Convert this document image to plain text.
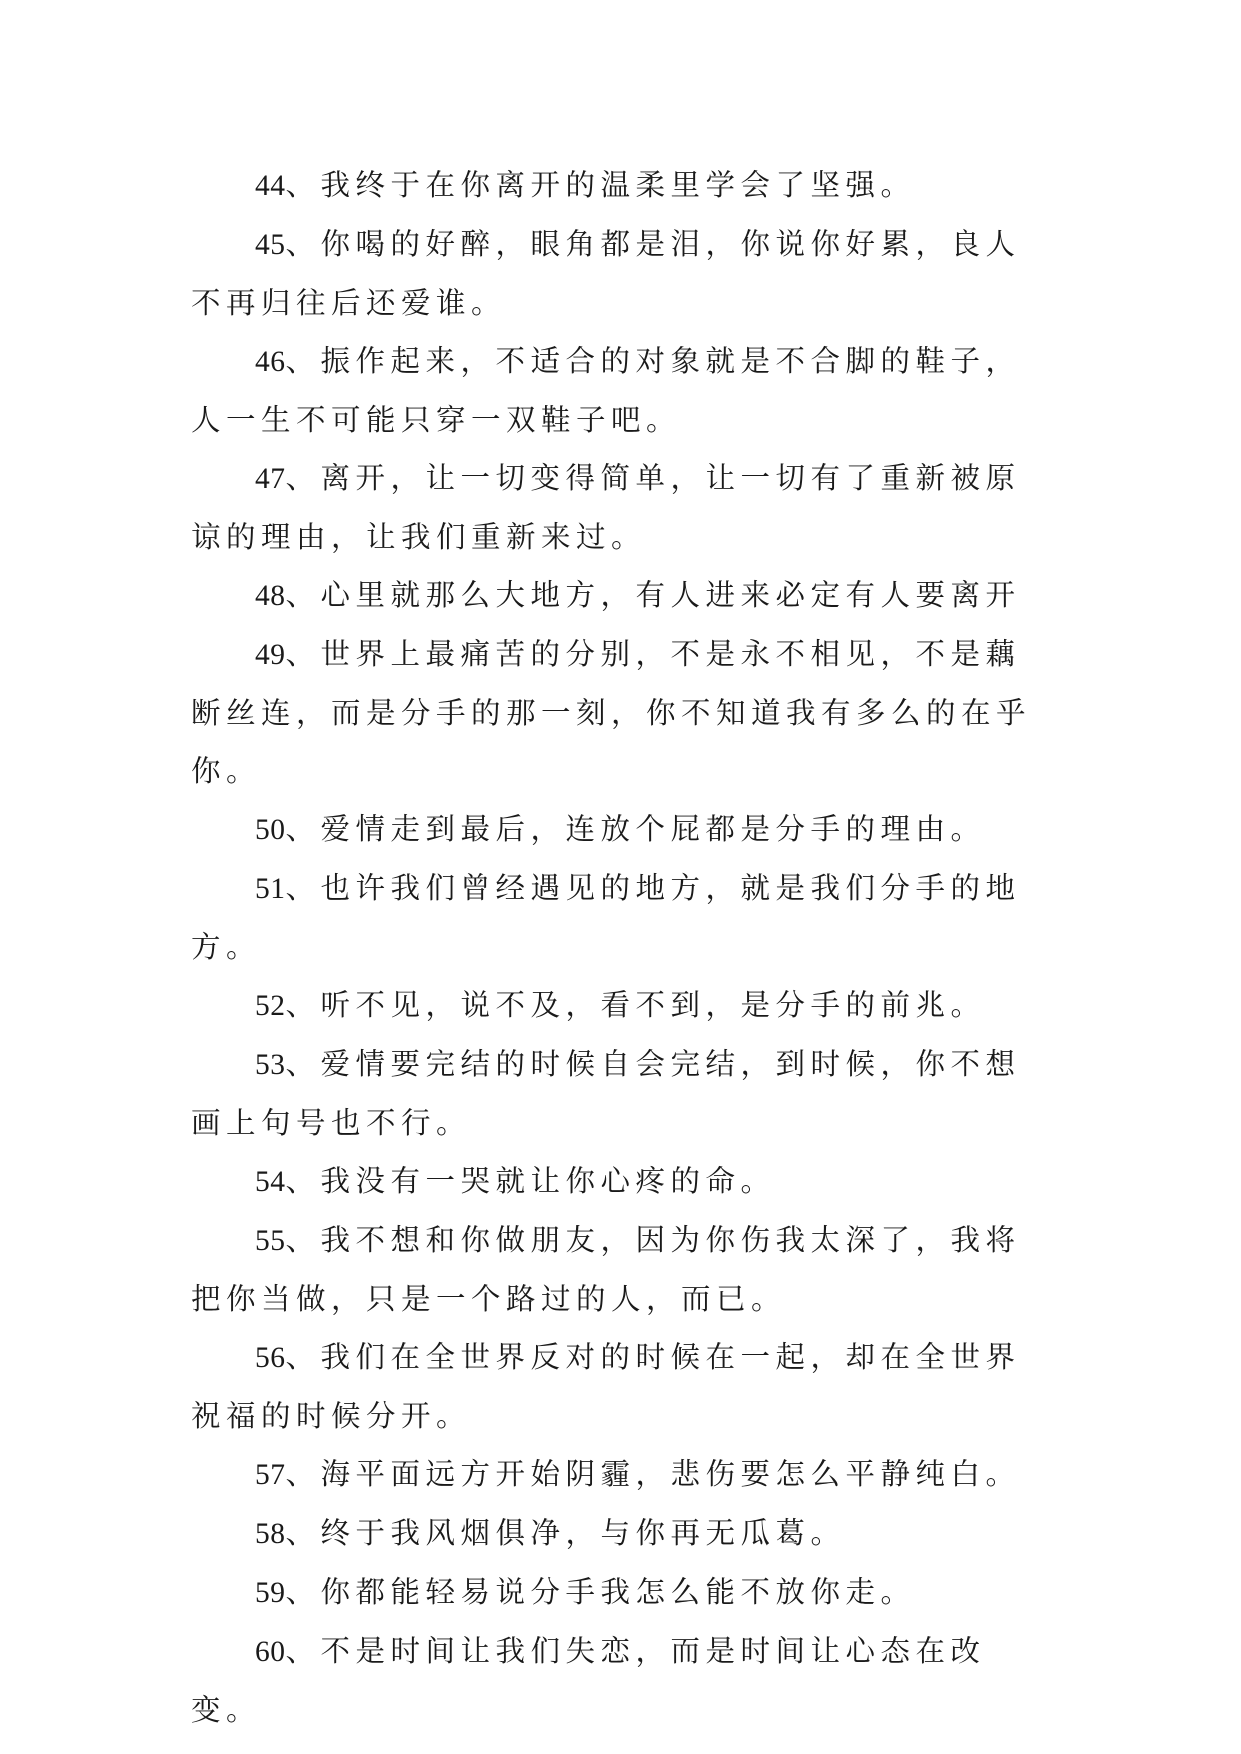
44、我终于在你离开的温柔里学会了坚强。

45、你喝的好醉，眼角都是泪，你说你好累，良人不再归往后还爱谁。

46、振作起来，不适合的对象就是不合脚的鞋子，人一生不可能只穿一双鞋子吧。

47、离开，让一切变得简单，让一切有了重新被原谅的理由，让我们重新来过。

48、心里就那么大地方，有人进来必定有人要离开

49、世界上最痛苦的分别，不是永不相见，不是藕断丝连，而是分手的那一刻，你不知道我有多么的在乎你。

50、爱情走到最后，连放个屁都是分手的理由。

51、也许我们曾经遇见的地方，就是我们分手的地方。

52、听不见，说不及，看不到，是分手的前兆。

53、爱情要完结的时候自会完结，到时候，你不想画上句号也不行。

54、我没有一哭就让你心疼的命。

55、我不想和你做朋友，因为你伤我太深了，我将把你当做，只是一个路过的人，而已。

56、我们在全世界反对的时候在一起，却在全世界祝福的时候分开。

57、海平面远方开始阴霾，悲伤要怎么平静纯白。

58、终于我风烟俱净，与你再无瓜葛。

59、你都能轻易说分手我怎么能不放你走。

60、不是时间让我们失恋，而是时间让心态在改变。
